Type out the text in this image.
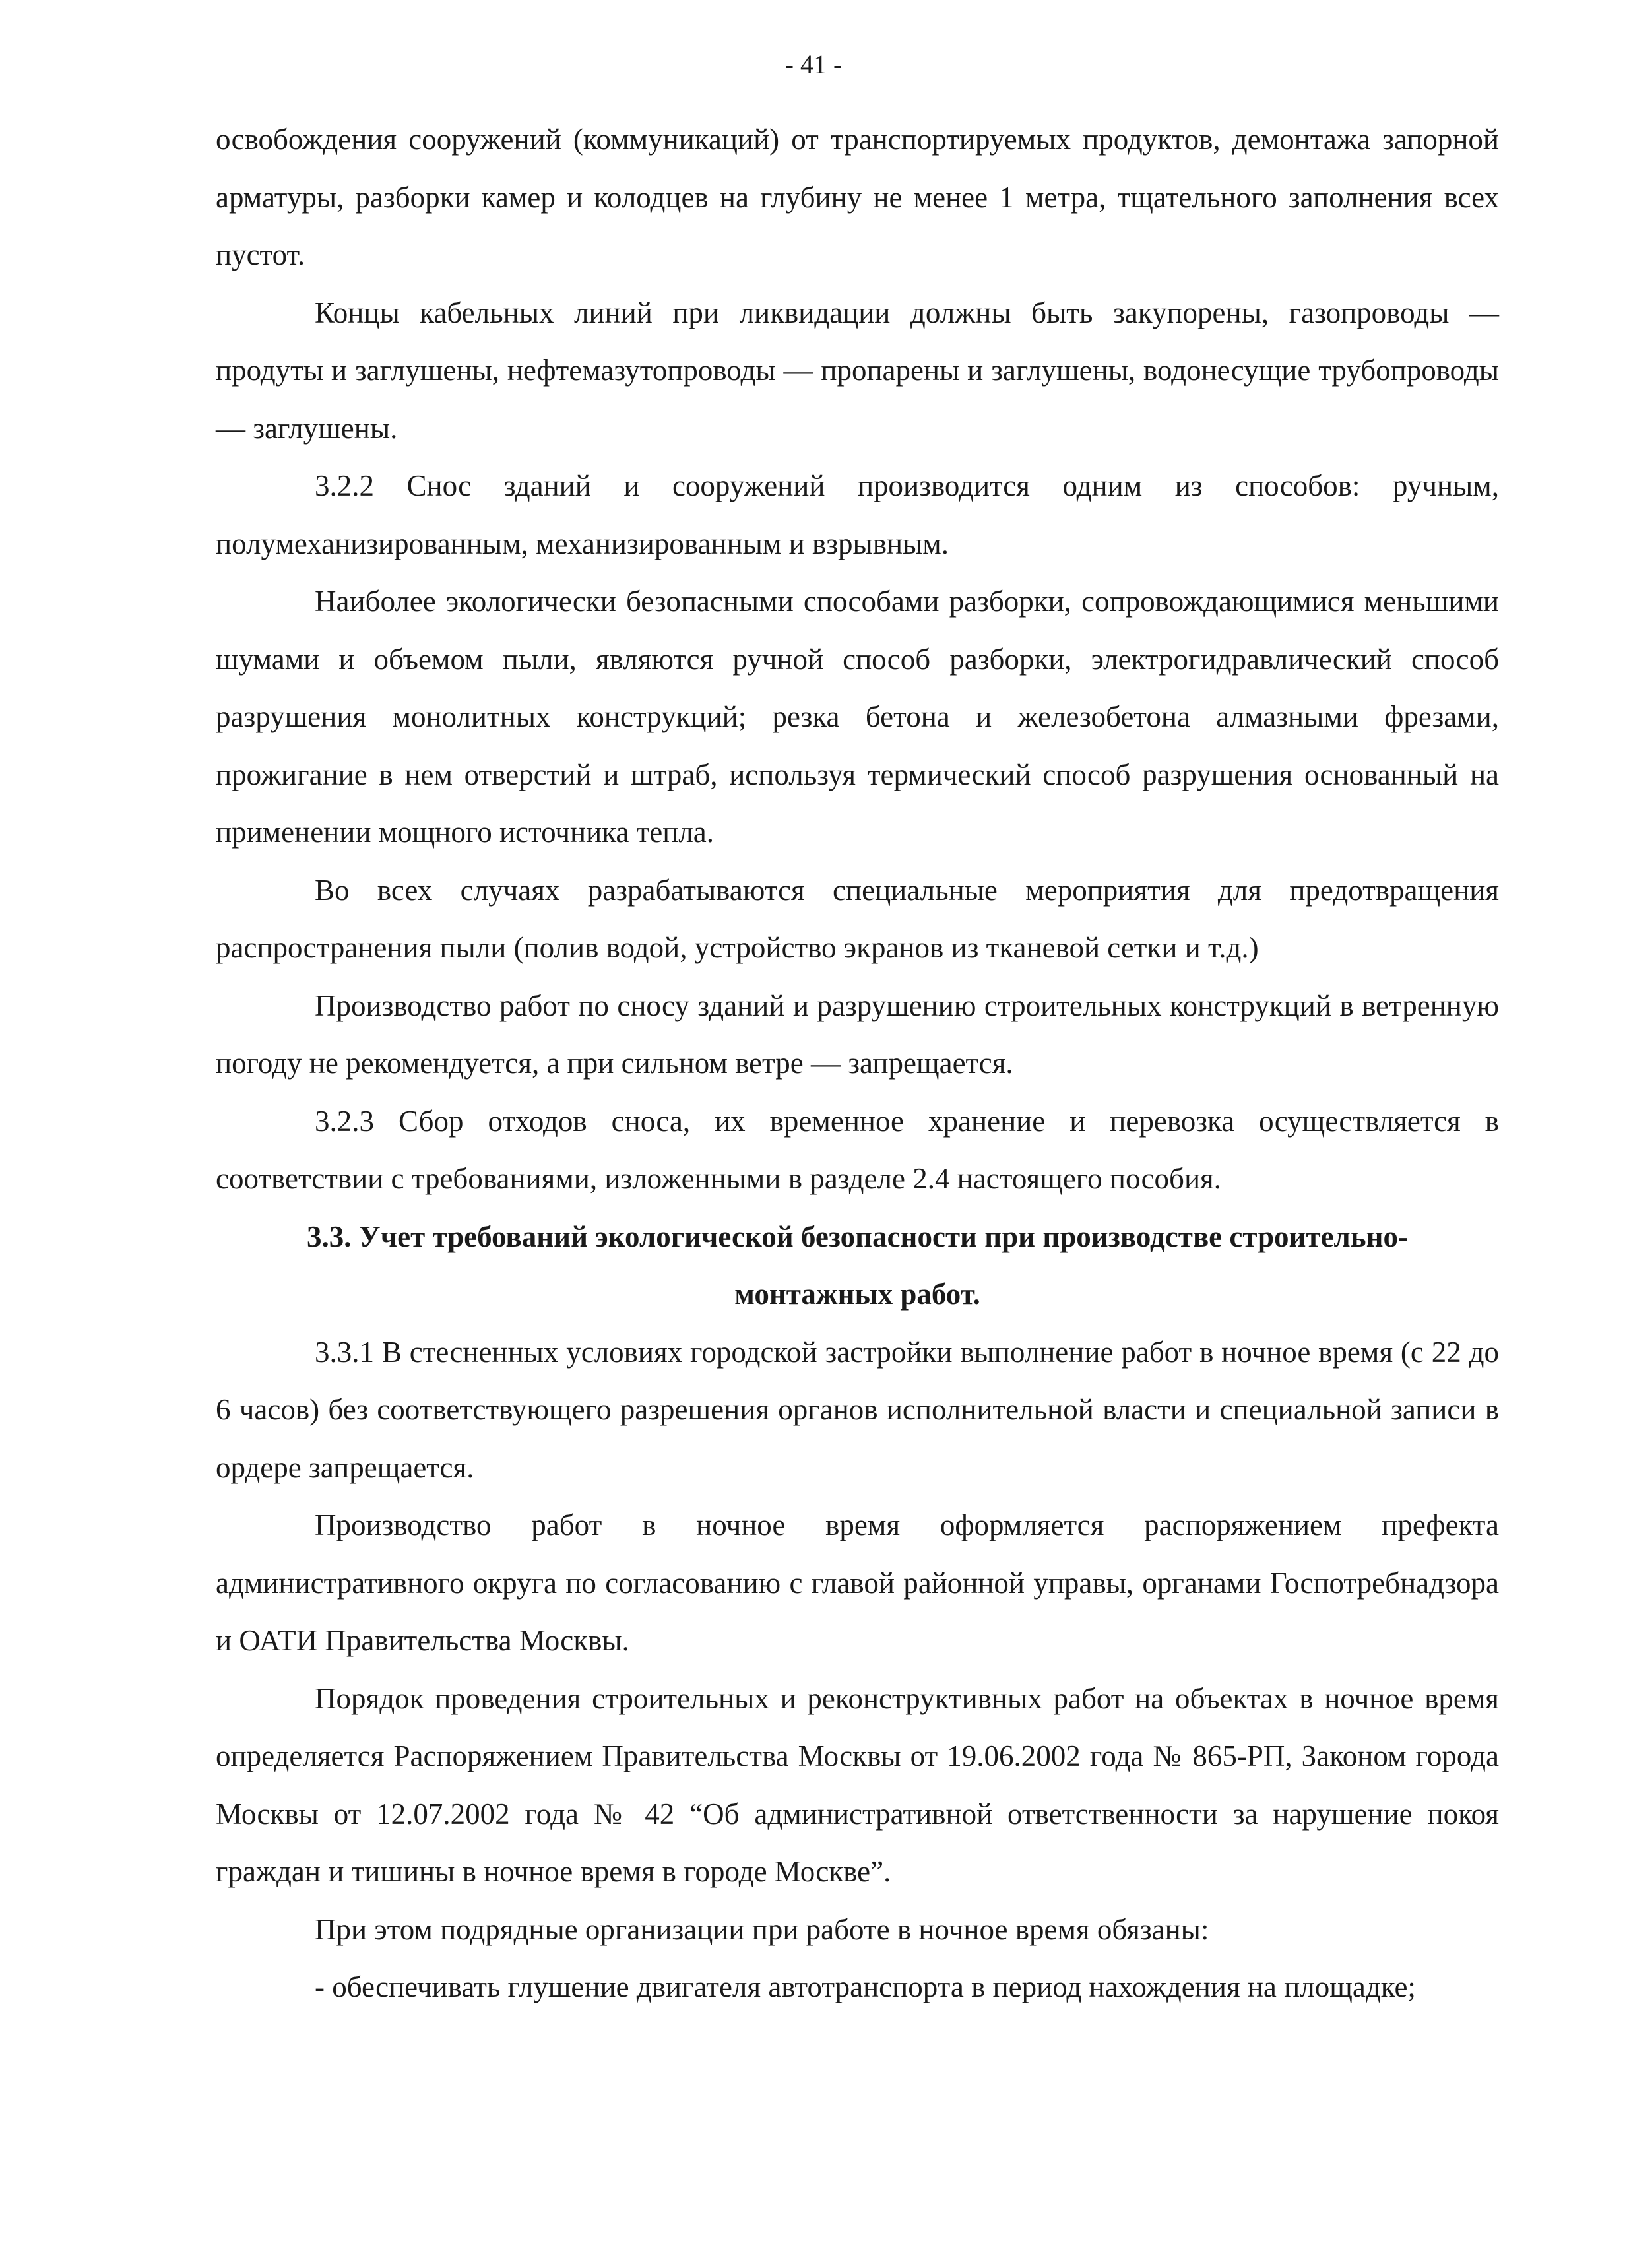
- 41 -

освобождения сооружений (коммуникаций) от транспортируемых продуктов, демонтажа запорной арматуры, разборки камер и колодцев на глубину не менее 1 метра, тщательного заполнения всех пустот.

Концы кабельных линий при ликвидации должны быть закупорены, газопроводы — продуты и заглушены, нефтемазутопроводы — пропарены и заглушены, водонесущие трубопроводы — заглушены.

3.2.2 Снос зданий и сооружений производится одним из способов: ручным, полумеханизированным, механизированным и взрывным.

Наиболее экологически безопасными способами разборки, сопровождающимися меньшими шумами и объемом пыли, являются ручной способ разборки, электрогидравлический способ разрушения монолитных конструкций; резка бетона и железобетона алмазными фрезами, прожигание в нем отверстий и штраб, используя термический способ разрушения основанный на применении мощного источника тепла.

Во всех случаях разрабатываются специальные мероприятия для предотвращения распространения пыли (полив водой, устройство экранов из тканевой сетки и т.д.)

Производство работ по сносу зданий и разрушению строительных конструкций в ветренную погоду не рекомендуется, а при сильном ветре — запрещается.

3.2.3 Сбор отходов сноса, их временное хранение и перевозка осуществляется в соответствии с требованиями, изложенными в разделе 2.4 настоящего пособия.

3.3. Учет требований экологической безопасности при производстве строительно-монтажных работ.

3.3.1 В стесненных условиях городской застройки выполнение работ в ночное время (с 22 до 6 часов) без соответствующего разрешения органов исполнительной власти и специальной записи в ордере запрещается.

Производство работ в ночное время оформляется распоряжением префекта административного округа по согласованию с главой районной управы, органами Госпотребнадзора и ОАТИ Правительства Москвы.

Порядок проведения строительных и реконструктивных работ на объектах в ночное время определяется Распоряжением Правительства Москвы от 19.06.2002 года № 865-РП, Законом города Москвы от 12.07.2002 года № 42 “Об административной ответственности за нарушение покоя граждан и тишины в ночное время в городе Москве”.

При этом подрядные организации при работе в ночное время обязаны:

- обеспечивать глушение двигателя автотранспорта в период нахождения на площадке;
